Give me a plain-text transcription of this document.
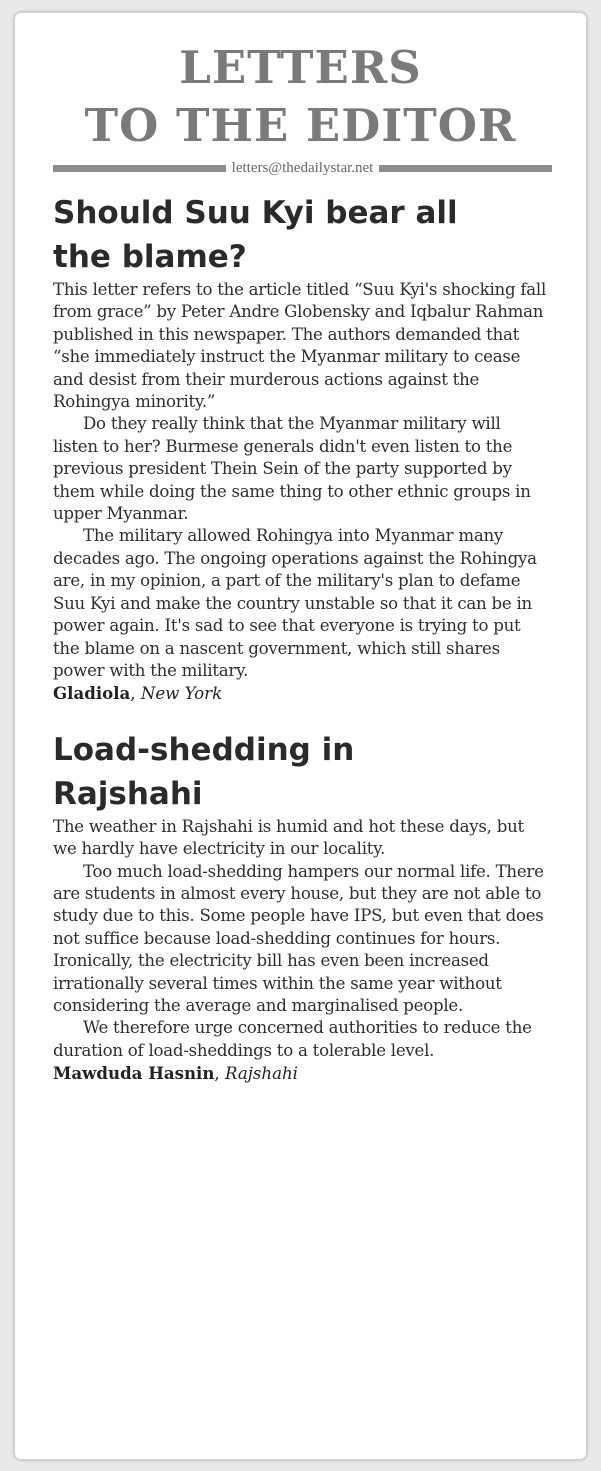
LETTERS
TO THE EDITOR
letters@thedailystar.net
Should Suu Kyi bear all the blame?

This letter refers to the article titled “Suu Kyi's shocking fall from grace” by Peter Andre Globensky and Iqbalur Rahman published in this newspaper. The authors demanded that “she immediately instruct the Myanmar military to cease and desist from their murderous actions against the Rohingya minority.”

Do they really think that the Myanmar military will listen to her? Burmese generals didn't even listen to the previous president Thein Sein of the party supported by them while doing the same thing to other ethnic groups in upper Myanmar.

The military allowed Rohingya into Myanmar many decades ago. The ongoing operations against the Rohingya are, in my opinion, a part of the military's plan to defame Suu Kyi and make the country unstable so that it can be in power again. It's sad to see that everyone is trying to put the blame on a nascent government, which still shares power with the military.

Gladiola, New York

Load-shedding in Rajshahi

The weather in Rajshahi is humid and hot these days, but we hardly have electricity in our locality.

Too much load-shedding hampers our normal life. There are students in almost every house, but they are not able to study due to this. Some people have IPS, but even that does not suffice because load-shedding continues for hours. Ironically, the electricity bill has even been increased irrationally several times within the same year without considering the average and marginalised people.

We therefore urge concerned authorities to reduce the duration of load-sheddings to a tolerable level.

Mawduda Hasnin, Rajshahi
